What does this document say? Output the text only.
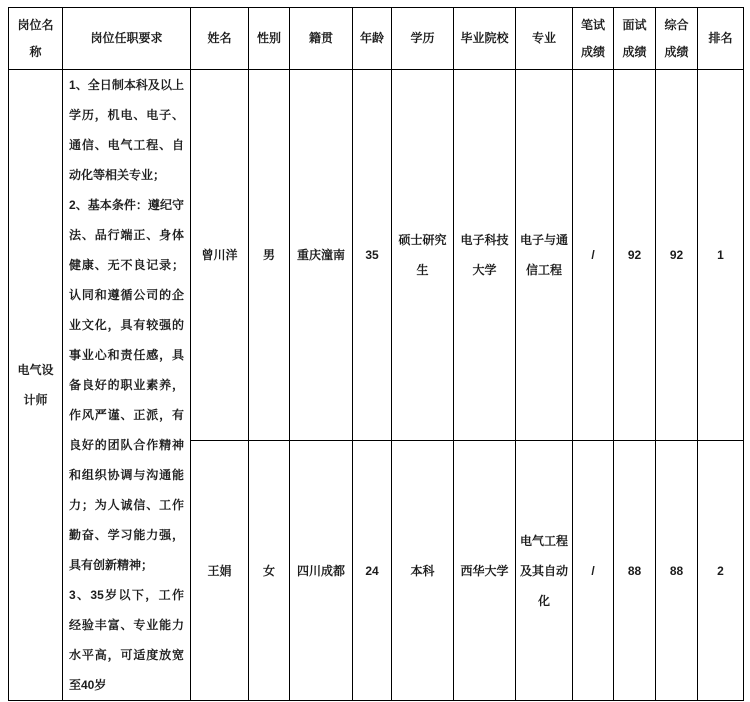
岗位名称	岗位任职要求	姓名	性别	籍贯	年龄	学历	毕业院校	专业	笔试成绩	面试成绩	综合成绩	排名
电气设计师	1、全日制本科及以上学历，机电、电子、通信、电气工程、自动化等相关专业；

2、基本条件：遵纪守法、品行端正、身体健康、无不良记录；认同和遵循公司的企业文化，具有较强的事业心和责任感，具备良好的职业素养，作风严谨、正派，有良好的团队合作精神和组织协调与沟通能力；为人诚信、工作勤奋、学习能力强，具有创新精神；

3、35岁以下，工作经验丰富、专业能力水平高，可适度放宽至40岁	曾川洋	男	重庆潼南	35	硕士研究生	电子科技大学	电子与通信工程	/	92	92	1
		王娟	女	四川成都	24	本科	西华大学	电气工程及其自动化	/	88	88	2
